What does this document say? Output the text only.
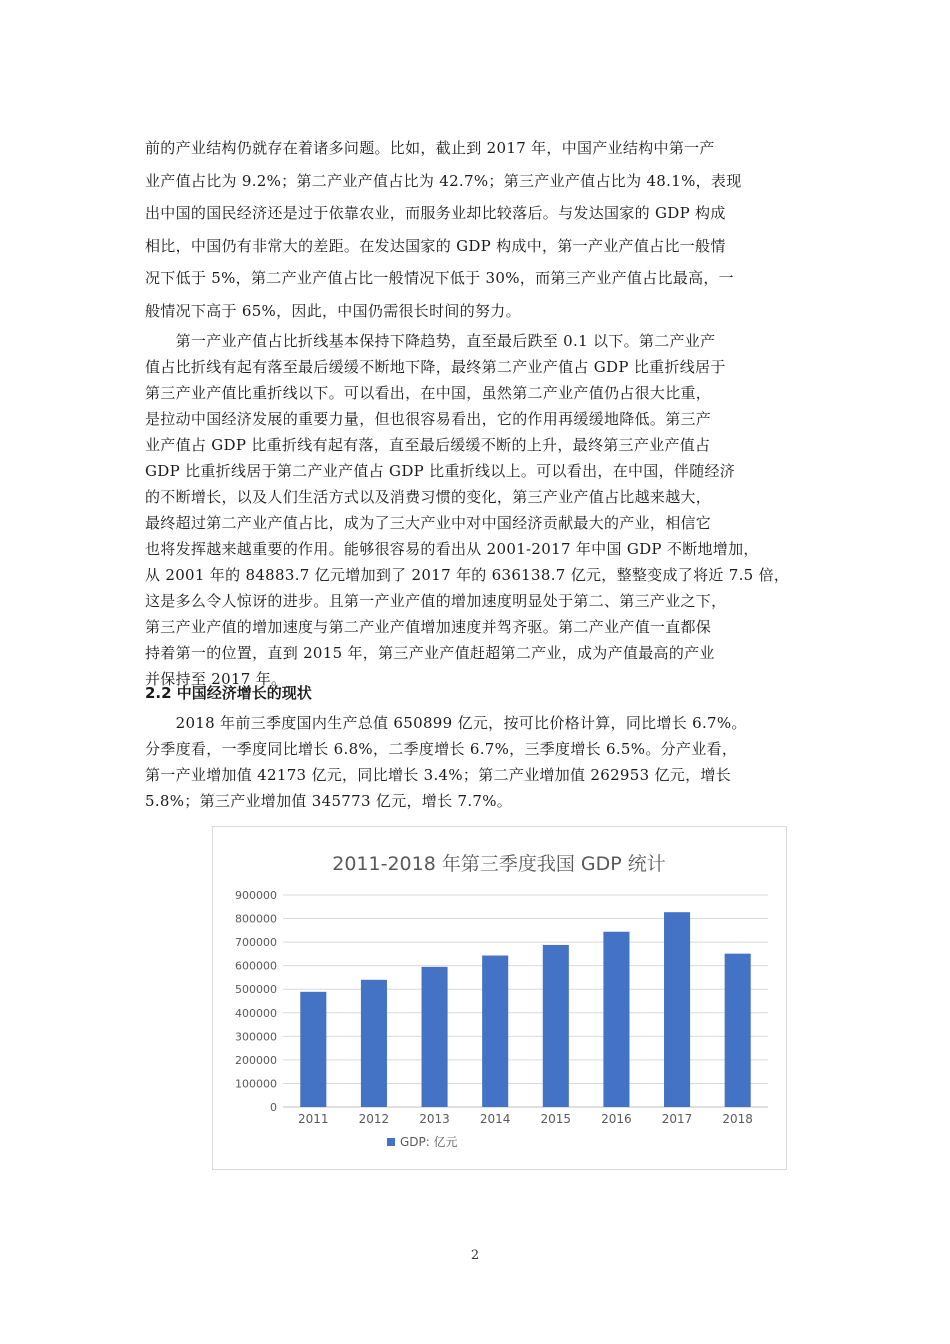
前的产业结构仍就存在着诸多问题。比如，截止到 2017 年，中国产业结构中第一产
业产值占比为 9.2%；第二产业产值占比为 42.7%；第三产业产值占比为 48.1%，表现
出中国的国民经济还是过于依靠农业，而服务业却比较落后。与发达国家的 GDP 构成
相比，中国仍有非常大的差距。在发达国家的 GDP 构成中，第一产业产值占比一般情
况下低于 5%，第二产业产值占比一般情况下低于 30%，而第三产业产值占比最高，一
般情况下高于 65%，因此，中国仍需很长时间的努力。
　　第一产业产值占比折线基本保持下降趋势，直至最后跌至 0.1 以下。第二产业产
值占比折线有起有落至最后缓缓不断地下降，最终第二产业产值占 GDP 比重折线居于
第三产业产值比重折线以下。可以看出，在中国，虽然第二产业产值仍占很大比重，
是拉动中国经济发展的重要力量，但也很容易看出，它的作用再缓缓地降低。第三产
业产值占 GDP 比重折线有起有落，直至最后缓缓不断的上升，最终第三产业产值占
GDP 比重折线居于第二产业产值占 GDP 比重折线以上。可以看出，在中国，伴随经济
的不断增长，以及人们生活方式以及消费习惯的变化，第三产业产值占比越来越大，
最终超过第二产业产值占比，成为了三大产业中对中国经济贡献最大的产业，相信它
也将发挥越来越重要的作用。能够很容易的看出从 2001-2017 年中国 GDP 不断地增加，
从 2001 年的 84883.7 亿元增加到了 2017 年的 636138.7 亿元，整整变成了将近 7.5 倍，
这是多么令人惊讶的进步。且第一产业产值的增加速度明显处于第二、第三产业之下，
第三产业产值的增加速度与第二产业产值增加速度并驾齐驱。第二产业产值一直都保
持着第一的位置，直到 2015 年，第三产业产值赶超第二产业，成为产值最高的产业
并保持至 2017 年。
2.2 中国经济增长的现状
　　2018 年前三季度国内生产总值 650899 亿元，按可比价格计算，同比增长 6.7%。
分季度看，一季度同比增长 6.8%，二季度增长 6.7%，三季度增长 6.5%。分产业看，
第一产业增加值 42173 亿元，同比增长 3.4%；第二产业增加值 262953 亿元，增长
5.8%；第三产业增加值 345773 亿元，增长 7.7%。
2011-2018 年第三季度我国 GDP 统计
0
100000
200000
300000
400000
500000
600000
700000
800000
900000
2011	2012	2013	2014	2015	2016	2017	2018
GDP: 亿元
2
